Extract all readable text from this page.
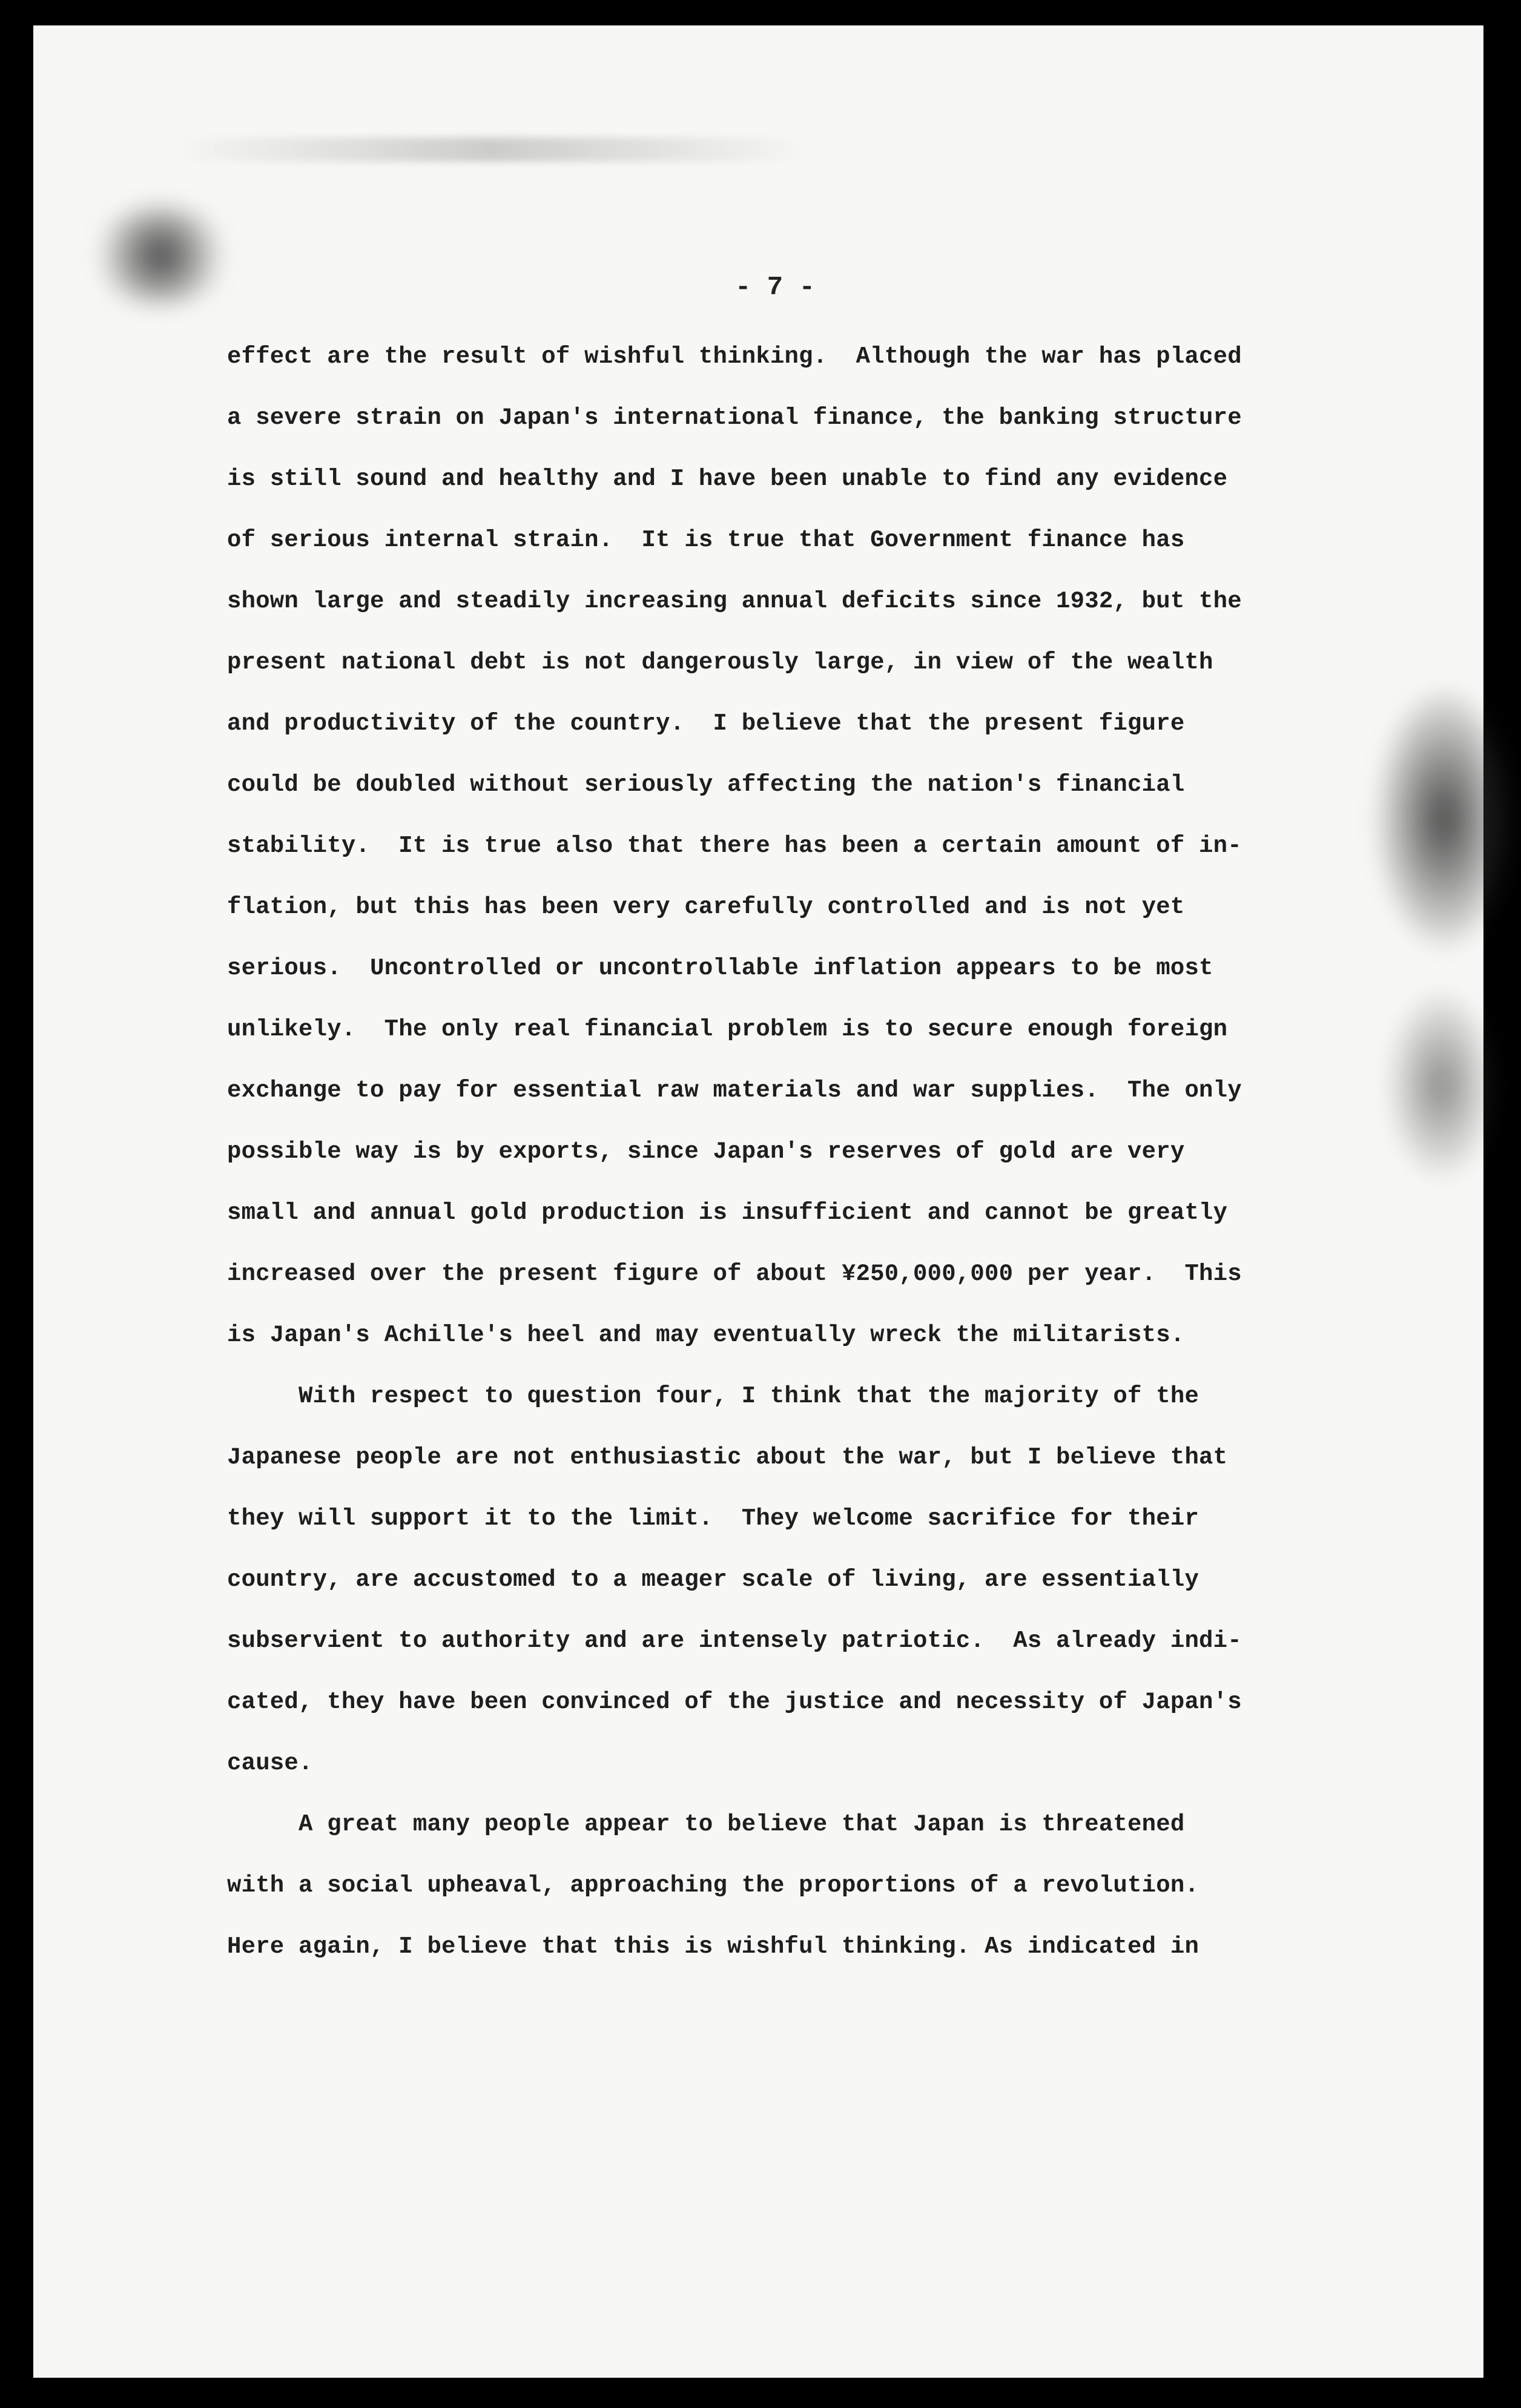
- 7 -

effect are the result of wishful thinking.  Although the war has placed
a severe strain on Japan's international finance, the banking structure
is still sound and healthy and I have been unable to find any evidence
of serious internal strain.  It is true that Government finance has
shown large and steadily increasing annual deficits since 1932, but the
present national debt is not dangerously large, in view of the wealth
and productivity of the country.  I believe that the present figure
could be doubled without seriously affecting the nation's financial
stability.  It is true also that there has been a certain amount of in-
flation, but this has been very carefully controlled and is not yet
serious.  Uncontrolled or uncontrollable inflation appears to be most
unlikely.  The only real financial problem is to secure enough foreign
exchange to pay for essential raw materials and war supplies.  The only
possible way is by exports, since Japan's reserves of gold are very
small and annual gold production is insufficient and cannot be greatly
increased over the present figure of about ¥250,000,000 per year.  This
is Japan's Achille's heel and may eventually wreck the militarists.

With respect to question four, I think that the majority of the
Japanese people are not enthusiastic about the war, but I believe that
they will support it to the limit.  They welcome sacrifice for their
country, are accustomed to a meager scale of living, are essentially
subservient to authority and are intensely patriotic.  As already indi-
cated, they have been convinced of the justice and necessity of Japan's
cause.

A great many people appear to believe that Japan is threatened
with a social upheaval, approaching the proportions of a revolution.
Here again, I believe that this is wishful thinking. As indicated in
